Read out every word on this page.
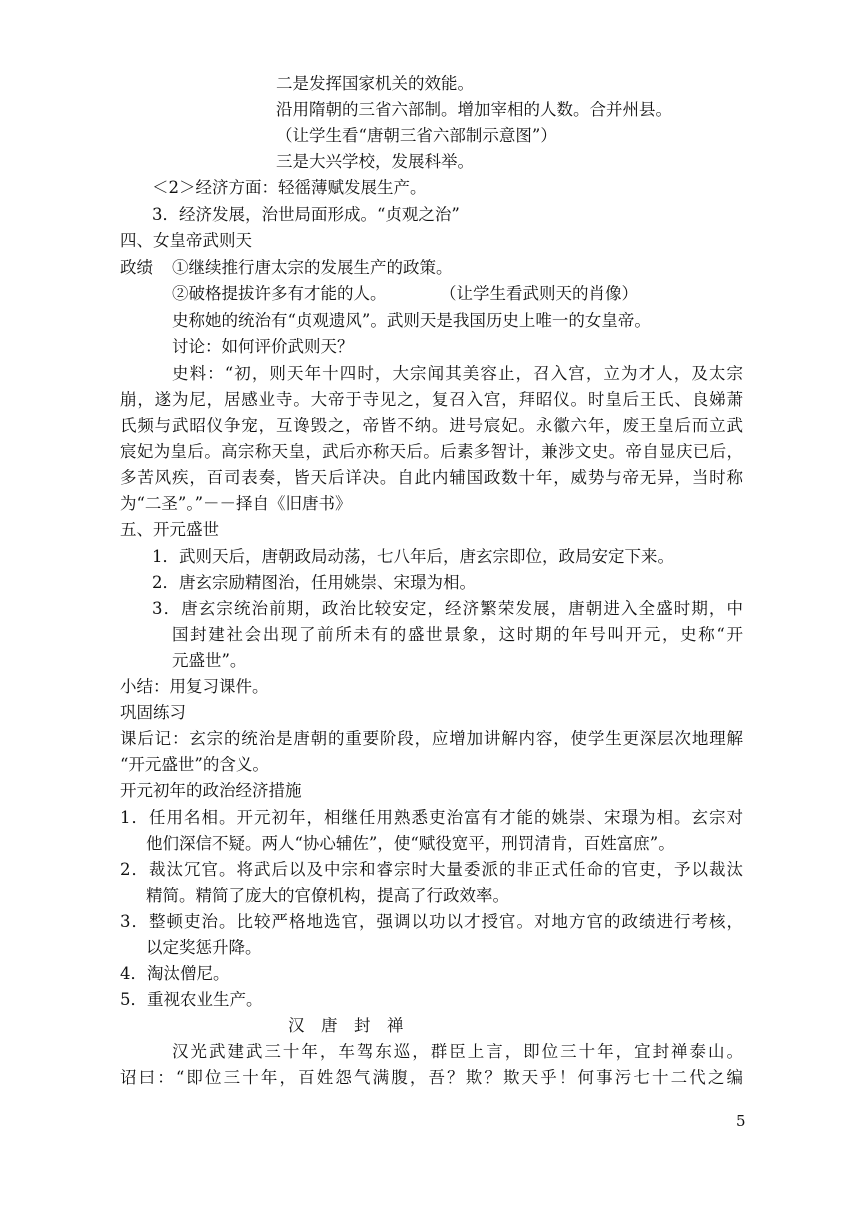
二是发挥国家机关的效能。
沿用隋朝的三省六部制。增加宰相的人数。合并州县。
（让学生看“唐朝三省六部制示意图”）
三是大兴学校，发展科举。
＜2＞经济方面：轻徭薄赋发展生产。
3．经济发展，治世局面形成。“贞观之治”
四、女皇帝武则天
政绩 ①继续推行唐太宗的发展生产的政策。
②破格提拔许多有才能的人。	（让学生看武则天的肖像）
史称她的统治有“贞观遗风”。武则天是我国历史上唯一的女皇帝。
讨论：如何评价武则天？
史料：“初，则天年十四时，大宗闻其美容止，召入宫，立为才人，及太宗
崩，遂为尼，居感业寺。大帝于寺见之，复召入宫，拜昭仪。时皇后王氏、良娣萧
氏频与武昭仪争宠，互谗毁之，帝皆不纳。进号宸妃。永徽六年，废王皇后而立武
宸妃为皇后。高宗称天皇，武后亦称天后。后素多智计，兼涉文史。帝自显庆已后，
多苦风疾，百司表奏，皆天后详决。自此内辅国政数十年，威势与帝无异，当时称
为“二圣”。”－－择自《旧唐书》
五、开元盛世
1．武则天后，唐朝政局动荡，七八年后，唐玄宗即位，政局安定下来。
2．唐玄宗励精图治，任用姚崇、宋璟为相。
3．唐玄宗统治前期，政治比较安定，经济繁荣发展，唐朝进入全盛时期，中
国封建社会出现了前所未有的盛世景象，这时期的年号叫开元，史称“开
元盛世”。
小结：用复习课件。
巩固练习
课后记：玄宗的统治是唐朝的重要阶段，应增加讲解内容，使学生更深层次地理解
“开元盛世”的含义。
开元初年的政治经济措施
1．任用名相。开元初年，相继任用熟悉吏治富有才能的姚崇、宋璟为相。玄宗对
他们深信不疑。两人“协心辅佐”，使“赋役宽平，刑罚清肯，百姓富庶”。
2．裁汰冗官。将武后以及中宗和睿宗时大量委派的非正式任命的官吏，予以裁汰
精简。精简了庞大的官僚机构，提高了行政效率。
3．整顿吏治。比较严格地选官，强调以功以才授官。对地方官的政绩进行考核，
以定奖惩升降。
4．淘汰僧尼。
5．重视农业生产。
汉　唐　封　禅
汉光武建武三十年，车驾东巡，群臣上言，即位三十年，宜封禅泰山。
诏曰：“即位三十年，百姓怨气满腹，吾？欺？欺天乎！何事污七十二代之编
5
